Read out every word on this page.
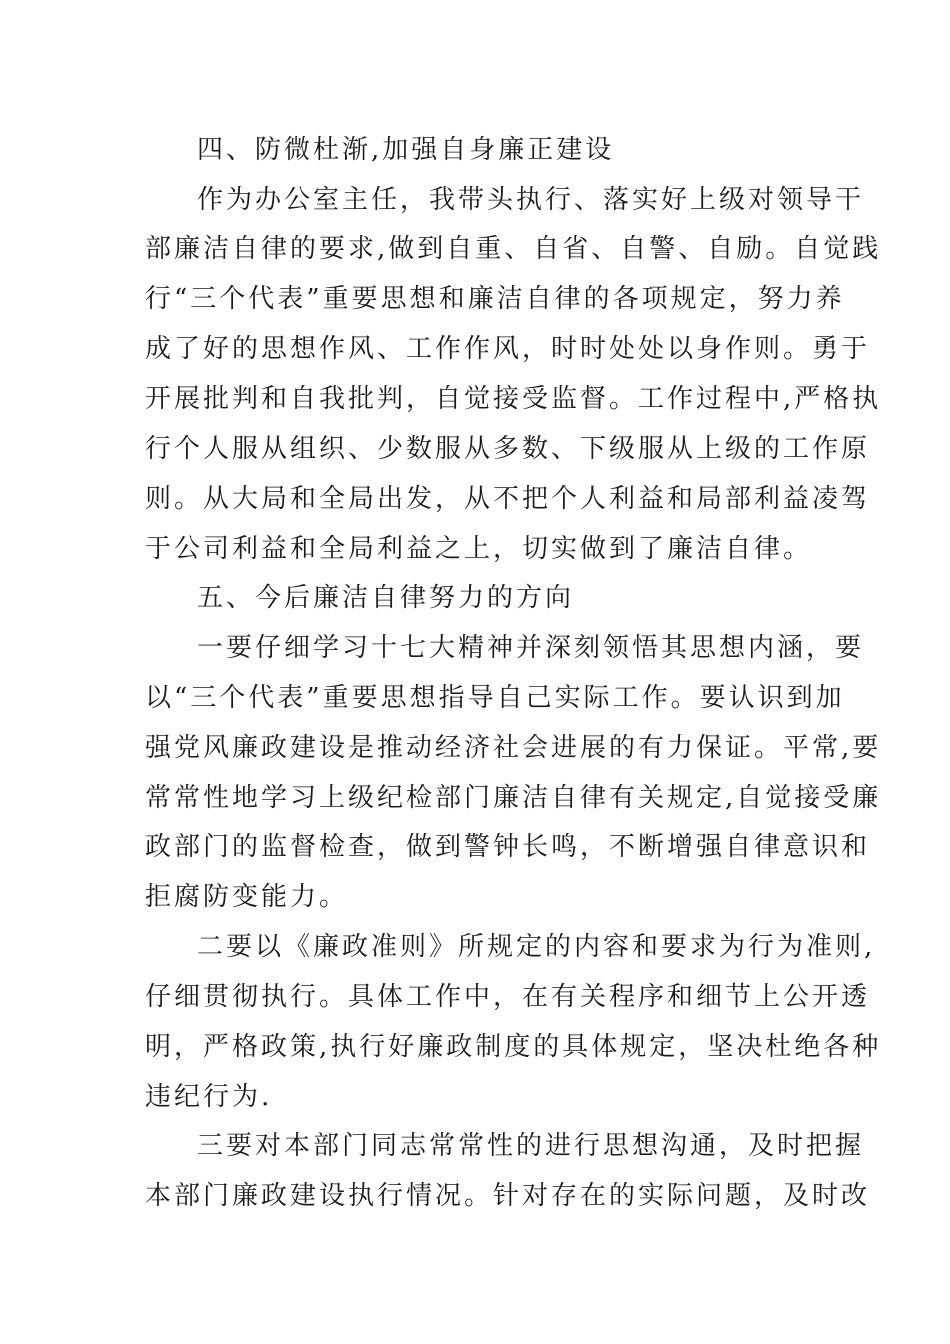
四、防微杜渐,加强自身廉正建设
作为办公室主任，我带头执行、落实好上级对领导干
部廉洁自律的要求,做到自重、自省、自警、自励。自觉践
行“三个代表”重要思想和廉洁自律的各项规定，努力养
成了好的思想作风、工作作风，时时处处以身作则。勇于
开展批判和自我批判，自觉接受监督。工作过程中,严格执
行个人服从组织、少数服从多数、下级服从上级的工作原
则。从大局和全局出发，从不把个人利益和局部利益凌驾
于公司利益和全局利益之上，切实做到了廉洁自律。
五、今后廉洁自律努力的方向
一要仔细学习十七大精神并深刻领悟其思想内涵，要
以“三个代表”重要思想指导自己实际工作。要认识到加
强党风廉政建设是推动经济社会进展的有力保证。平常,要
常常性地学习上级纪检部门廉洁自律有关规定,自觉接受廉
政部门的监督检查，做到警钟长鸣，不断增强自律意识和
拒腐防变能力。
二要以《廉政准则》所规定的内容和要求为行为准则,
仔细贯彻执行。具体工作中，在有关程序和细节上公开透
明，严格政策,执行好廉政制度的具体规定，坚决杜绝各种
违纪行为.
三要对本部门同志常常性的进行思想沟通，及时把握
本部门廉政建设执行情况。针对存在的实际问题，及时改
